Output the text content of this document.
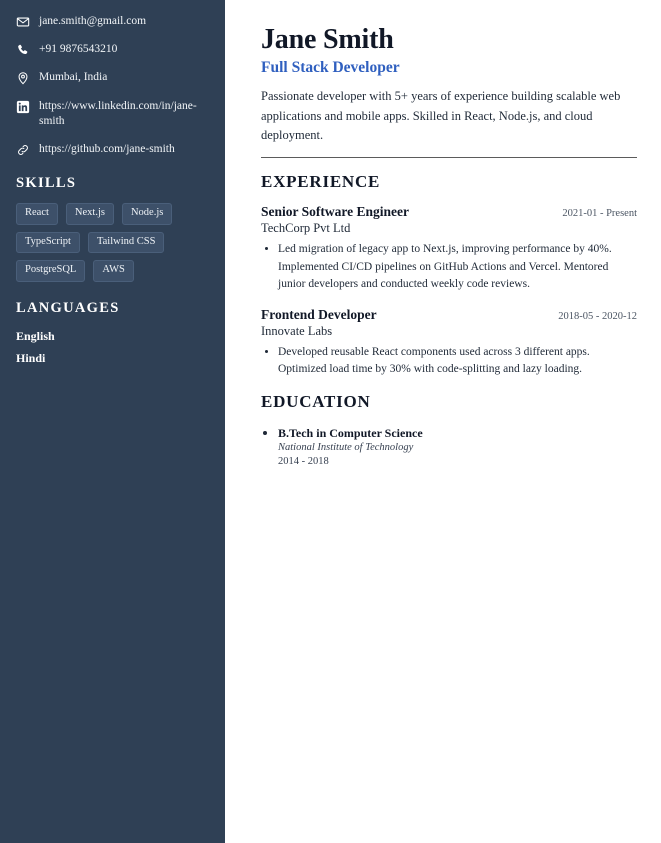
jane.smith@gmail.com
+91 9876543210
Mumbai, India
https://www.linkedin.com/in/jane-smith
https://github.com/jane-smith
SKILLS
React	Next.js	Node.js
TypeScript	Tailwind CSS
PostgreSQL	AWS
LANGUAGES
English
Hindi
Jane Smith
Full Stack Developer

Passionate developer with 5+ years of experience building scalable web applications and mobile apps. Skilled in React, Node.js, and cloud deployment.

EXPERIENCE
Senior Software Engineer	2021-01 - Present
TechCorp Pvt Ltd
• Led migration of legacy app to Next.js, improving performance by 40%. Implemented CI/CD pipelines on GitHub Actions and Vercel. Mentored junior developers and conducted weekly code reviews.
Frontend Developer	2018-05 - 2020-12
Innovate Labs
• Developed reusable React components used across 3 different apps. Optimized load time by 30% with code-splitting and lazy loading.
EDUCATION
• B.Tech in Computer Science
National Institute of Technology
2014 - 2018
